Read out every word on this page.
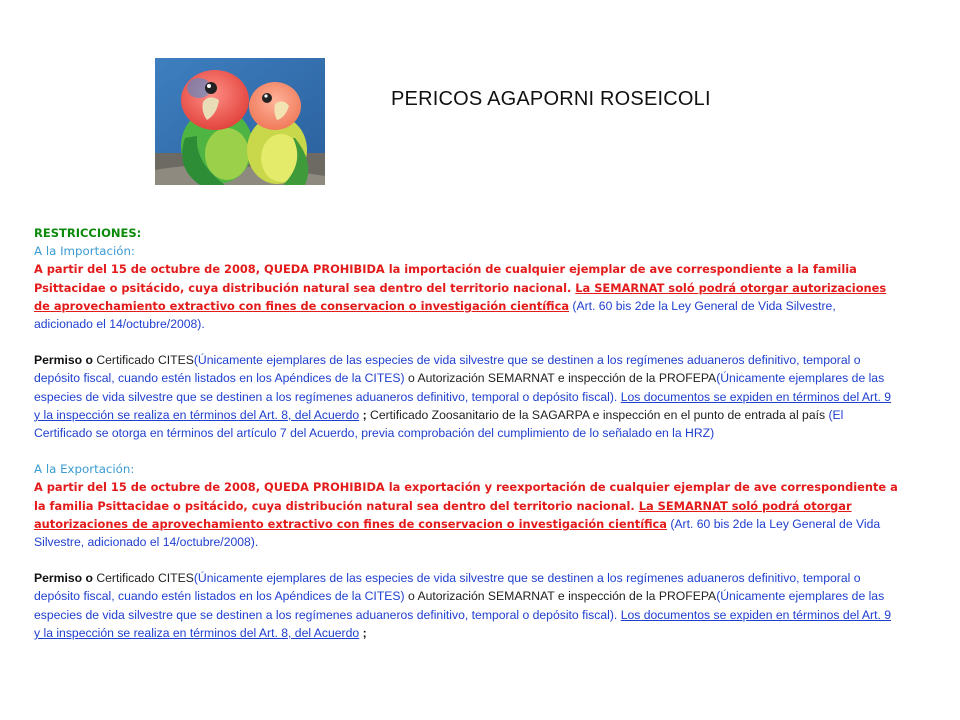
PERICOS AGAPORNI ROSEICOLI

RESTRICCIONES:

A la Importación:

A partir del 15 de octubre de 2008, QUEDA PROHIBIDA la importación de cualquier ejemplar de ave correspondiente a la familia Psittacidae o psitácido, cuya distribución natural sea dentro del territorio nacional. La SEMARNAT soló podrá otorgar autorizaciones de aprovechamiento extractivo con fines de conservacion o investigación científica (Art. 60 bis 2de la Ley General de Vida Silvestre, adicionado el 14/octubre/2008).

Permiso o Certificado CITES(Únicamente ejemplares de las especies de vida silvestre que se destinen a los regímenes aduaneros definitivo, temporal o depósito fiscal, cuando estén listados en los Apéndices de la CITES) o Autorización SEMARNAT e inspección de la PROFEPA(Únicamente ejemplares de las especies de vida silvestre que se destinen a los regímenes aduaneros definitivo, temporal o depósito fiscal). Los documentos se expiden en términos del Art. 9 y la inspección se realiza en términos del Art. 8, del Acuerdo ; Certificado Zoosanitario de la SAGARPA e inspección en el punto de entrada al país (El Certificado se otorga en términos del artículo 7 del Acuerdo, previa comprobación del cumplimiento de lo señalado en la HRZ)

A la Exportación:

A partir del 15 de octubre de 2008, QUEDA PROHIBIDA la exportación y reexportación de cualquier ejemplar de ave correspondiente a la familia Psittacidae o psitácido, cuya distribución natural sea dentro del territorio nacional. La SEMARNAT soló podrá otorgar autorizaciones de aprovechamiento extractivo con fines de conservacion o investigación científica (Art. 60 bis 2de la Ley General de Vida Silvestre, adicionado el 14/octubre/2008).

Permiso o Certificado CITES(Únicamente ejemplares de las especies de vida silvestre que se destinen a los regímenes aduaneros definitivo, temporal o depósito fiscal, cuando estén listados en los Apéndices de la CITES) o Autorización SEMARNAT e inspección de la PROFEPA(Únicamente ejemplares de las especies de vida silvestre que se destinen a los regímenes aduaneros definitivo, temporal o depósito fiscal). Los documentos se expiden en términos del Art. 9 y la inspección se realiza en términos del Art. 8, del Acuerdo ;
